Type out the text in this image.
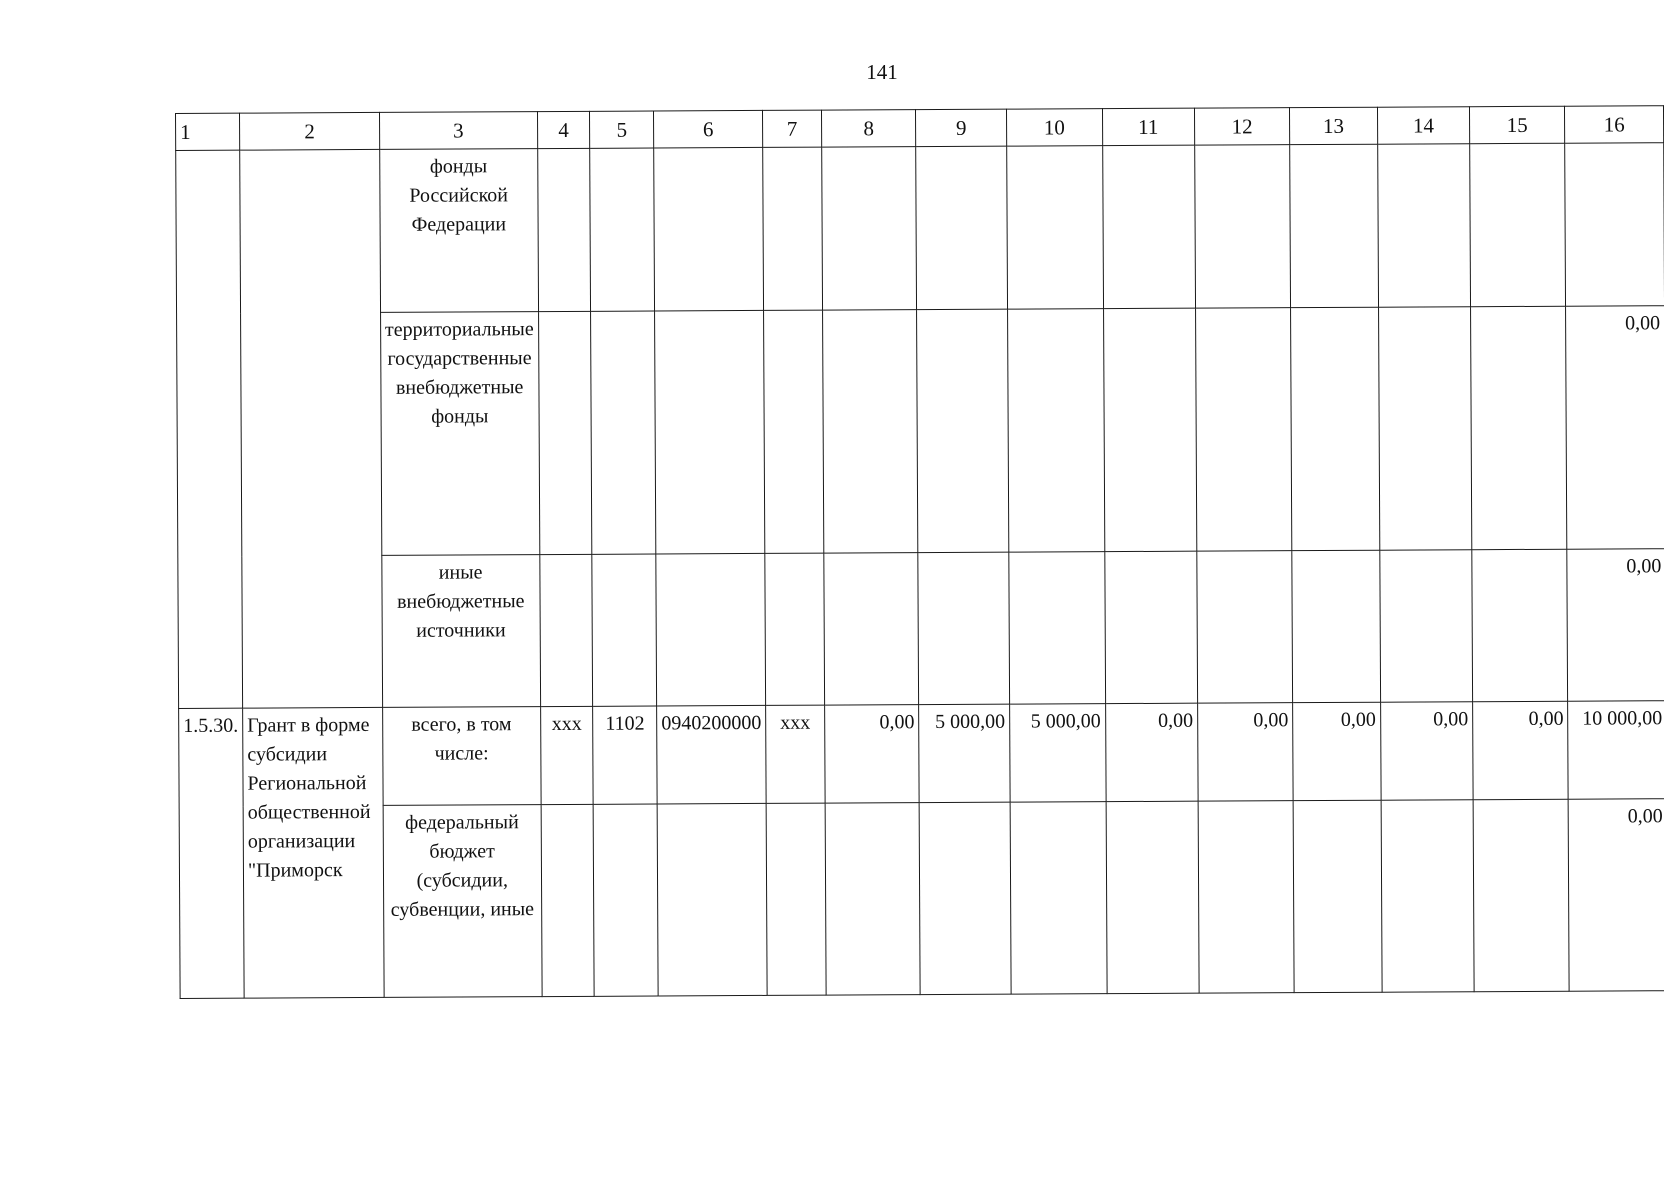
141
1	2	3	4	5	6	7	8	9	10	11	12	13	14	15	16
		фонды Российской Федерации													
		территориальные государственные внебюджетные фонды													0,00
		иные внебюджетные источники													0,00
1.5.30.	Грант в форме субсидии Региональной общественной организации "Приморск	всего, в том числе:	ххх	1102	0940200000	ххх	0,00	5 000,00	5 000,00	0,00	0,00	0,00	0,00	0,00	10 000,00
		федеральный бюджет (субсидии, субвенции, иные													0,00
